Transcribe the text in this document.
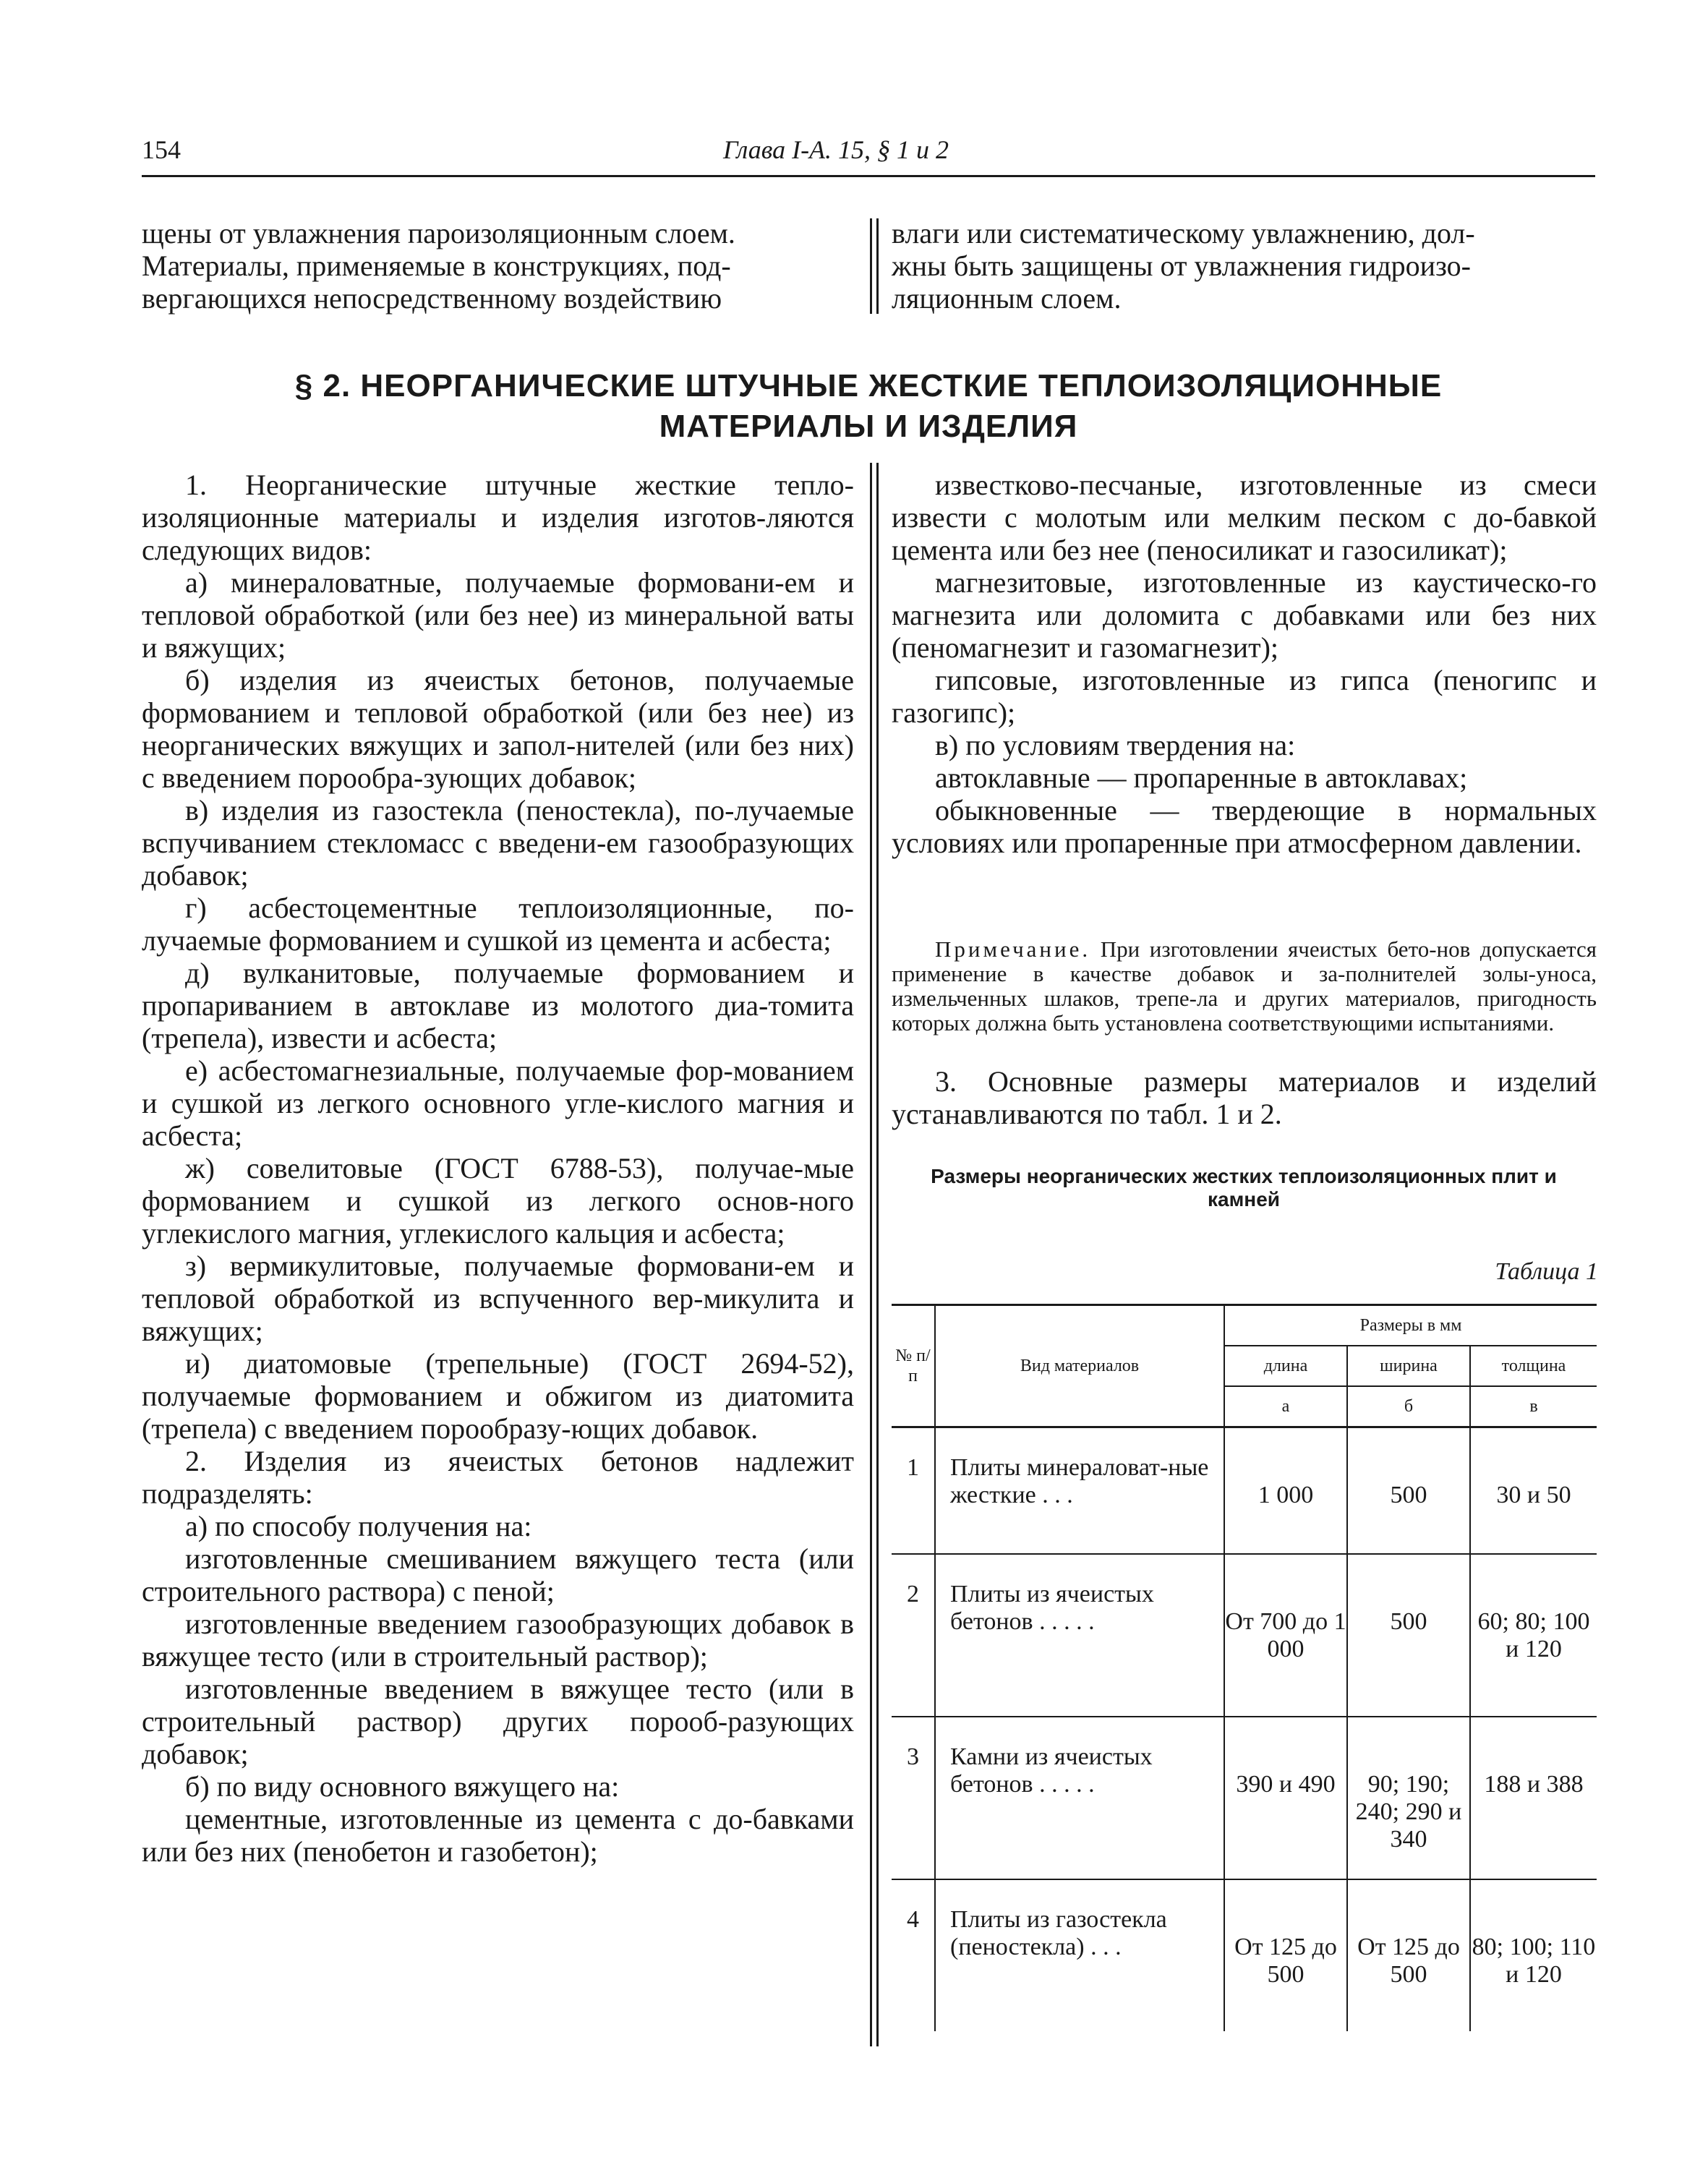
154	Глава I-А. 15, § 1 и 2

щены от увлажнения пароизоляционным слоем.

Материалы, применяемые в конструкциях, под-

вергающихся непосредственному воздействию

влаги или систематическому увлажнению, дол-

жны быть защищены от увлажнения гидроизо-

ляционным слоем.

§ 2. НЕОРГАНИЧЕСКИЕ ШТУЧНЫЕ ЖЕСТКИЕ ТЕПЛОИЗОЛЯЦИОННЫЕ
МАТЕРИАЛЫ И ИЗДЕЛИЯ

1. Неорганические штучные жесткие тепло-изоляционные материалы и изделия изготов-ляются следующих видов:

а) минераловатные, получаемые формовани-ем и тепловой обработкой (или без нее) из минеральной ваты и вяжущих;

б) изделия из ячеистых бетонов, получаемые формованием и тепловой обработкой (или без нее) из неорганических вяжущих и запол-нителей (или без них) с введением порообра-зующих добавок;

в) изделия из газостекла (пеностекла), по-лучаемые вспучиванием стекломасс с введени-ем газообразующих добавок;

г) асбестоцементные теплоизоляционные, по-лучаемые формованием и сушкой из цемента и асбеста;

д) вулканитовые, получаемые формованием и пропариванием в автоклаве из молотого диа-томита (трепела), извести и асбеста;

е) асбестомагнезиальные, получаемые фор-мованием и сушкой из легкого основного угле-кислого магния и асбеста;

ж) совелитовые (ГОСТ 6788-53), получае-мые формованием и сушкой из легкого основ-ного углекислого магния, углекислого кальция и асбеста;

з) вермикулитовые, получаемые формовани-ем и тепловой обработкой из вспученного вер-микулита и вяжущих;

и) диатомовые (трепельные) (ГОСТ 2694-52), получаемые формованием и обжигом из диатомита (трепела) с введением порообразу-ющих добавок.

2. Изделия из ячеистых бетонов надлежит подразделять:

а) по способу получения на:

изготовленные смешиванием вяжущего теста (или строительного раствора) с пеной;

изготовленные введением газообразующих добавок в вяжущее тесто (или в строительный раствор);

изготовленные введением в вяжущее тесто (или в строительный раствор) других порооб-разующих добавок;

б) по виду основного вяжущего на:

цементные, изготовленные из цемента с до-бавками или без них (пенобетон и газобетон);

известково-песчаные, изготовленные из смеси извести с молотым или мелким песком с до-бавкой цемента или без нее (пеносиликат и газосиликат);

магнезитовые, изготовленные из каустическо-го магнезита или доломита с добавками или без них (пеномагнезит и газомагнезит);

гипсовые, изготовленные из гипса (пеногипс и газогипс);

в) по условиям твердения на:

автоклавные — пропаренные в автоклавах;

обыкновенные — твердеющие в нормальных условиях или пропаренные при атмосферном давлении.

Примечание. При изготовлении ячеистых бето-нов допускается применение в качестве добавок и за-полнителей золы-уноса, измельченных шлаков, трепе-ла и других материалов, пригодность которых должна быть установлена соответствующими испытаниями.
3. Основные размеры материалов и изделий устанавливаются по табл. 1 и 2.
Размеры неорганических жестких теплоизоляционных плит и камней
Таблица 1
№ п/п	Вид материалов	Размеры в мм		
		длина	ширина	толщина
		а	б	в
1	Плиты минераловат-ные жесткие . . .	1 000	500	30 и 50
2	Плиты из ячеистых бетонов . . . . .	От 700 до 1 000	500	60; 80; 100 и 120
3	Камни из ячеистых бетонов . . . . .	390 и 490	90; 190; 240; 290 и 340	188 и 388
4	Плиты из газостекла (пеностекла) . . .	От 125 до 500	От 125 до 500	80; 100; 110 и 120
